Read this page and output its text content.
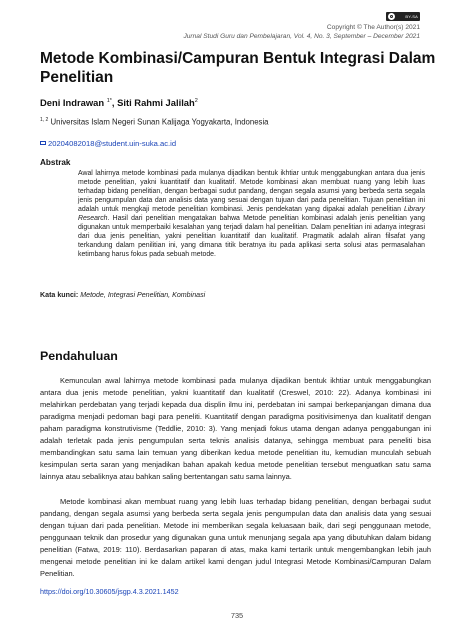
BY-SA
Copyright © The Author(s) 2021
Jurnal Studi Guru dan Pembelajaran, Vol. 4, No. 3, September – December 2021
Metode Kombinasi/Campuran Bentuk Integrasi Dalam Penelitian
Deni Indrawan $^{1*}$, Siti Rahmi Jalilah$^2$
$^{1, 2}$ Universitas Islam Negeri Sunan Kalijaga Yogyakarta, Indonesia
20204082018@student.uin-suka.ac.id
Abstrak

Awal lahirnya metode kombinasi pada mulanya dijadikan bentuk ikhtiar untuk menggabungkan antara dua jenis metode penelitian, yakni kuantitatif dan kualitatif. Metode kombinasi akan membuat ruang yang lebih luas terhadap bidang penelitian, dengan berbagai sudut pandang, dengan segala asumsi yang berbeda serta segala jenis pengumpulan data dan analisis data yang sesuai dengan tujuan dari pada penelitian. Tujuan penelitian ini adalah untuk mengkaji metode penelitian kombinasi. Jenis pendekatan yang dipakai adalah penelitian Library Research. Hasil dari penelitian mengatakan bahwa Metode penelitian kombinasi adalah jenis penelitian yang digunakan untuk memperbaiki kesalahan yang terjadi dalam hal penelitian. Dalam penelitian ini adanya integrasi dari dua jenis penelitian, yakni penelitian kuantitatif dan kualitatif. Pragmatik adalah aliran filsafat yang terkandung dalam penilitian ini, yang dimana titik beratnya itu pada aplikasi serta solusi atas permasalahan ketimbang harus fokus pada sebuah metode.

Kata kunci: Metode, Integrasi Penelitian, Kombinasi
Pendahuluan

Kemunculan awal lahirnya metode kombinasi pada mulanya dijadikan bentuk ikhtiar untuk menggabungkan antara dua jenis metode penelitian, yakni kuantitatif dan kualitatif (Creswel, 2010: 22). Adanya kombinasi ini melahirkan perdebatan yang terjadi kepada dua displin ilmu ini, perdebatan ini sampai berkepanjangan dimana dua paradigma menjadi pedoman bagi para peneliti. Kuantitatif dengan paradigma positivisimenya dan kualitatif dengan paham paradigma konstrutivisme (Teddlie, 2010: 3). Yang menjadi fokus utama dengan adanya penggabungan ini adalah terletak pada jenis pengumpulan serta teknis analisis datanya, sehingga membuat para peneliti bisa membandingkan satu sama lain temuan yang diberikan kedua metode penelitian itu, kemudian munculah sebuah kesimpulan serta saran yang menjadikan bahan apakah kedua metode penelitian tersebut menguatkan satu sama lainnya atau sebaliknya atau bahkan saling bertentangan satu sama lainnya.

Metode kombinasi akan membuat ruang yang lebih luas terhadap bidang penelitian, dengan berbagai sudut pandang, dengan segala asumsi yang berbeda serta segala jenis pengumpulan data dan analisis data yang sesuai dengan tujuan dari pada penelitian. Metode ini memberikan segala keluasaan baik, dari segi penggunaan metode, penggunaan teknik dan prosedur yang digunakan guna untuk menunjang segala apa yang dibutuhkan dalam bidang penelitian (Fatwa, 2019: 110). Berdasarkan paparan di atas, maka kami tertarik untuk mengembangkan lebih jauh mengenai metode penelitian ini ke dalam artikel kami dengan judul Integrasi Metode Kombinasi/Campuran Dalam Penelitian.

https://doi.org/10.30605/jsgp.4.3.2021.1452
735
